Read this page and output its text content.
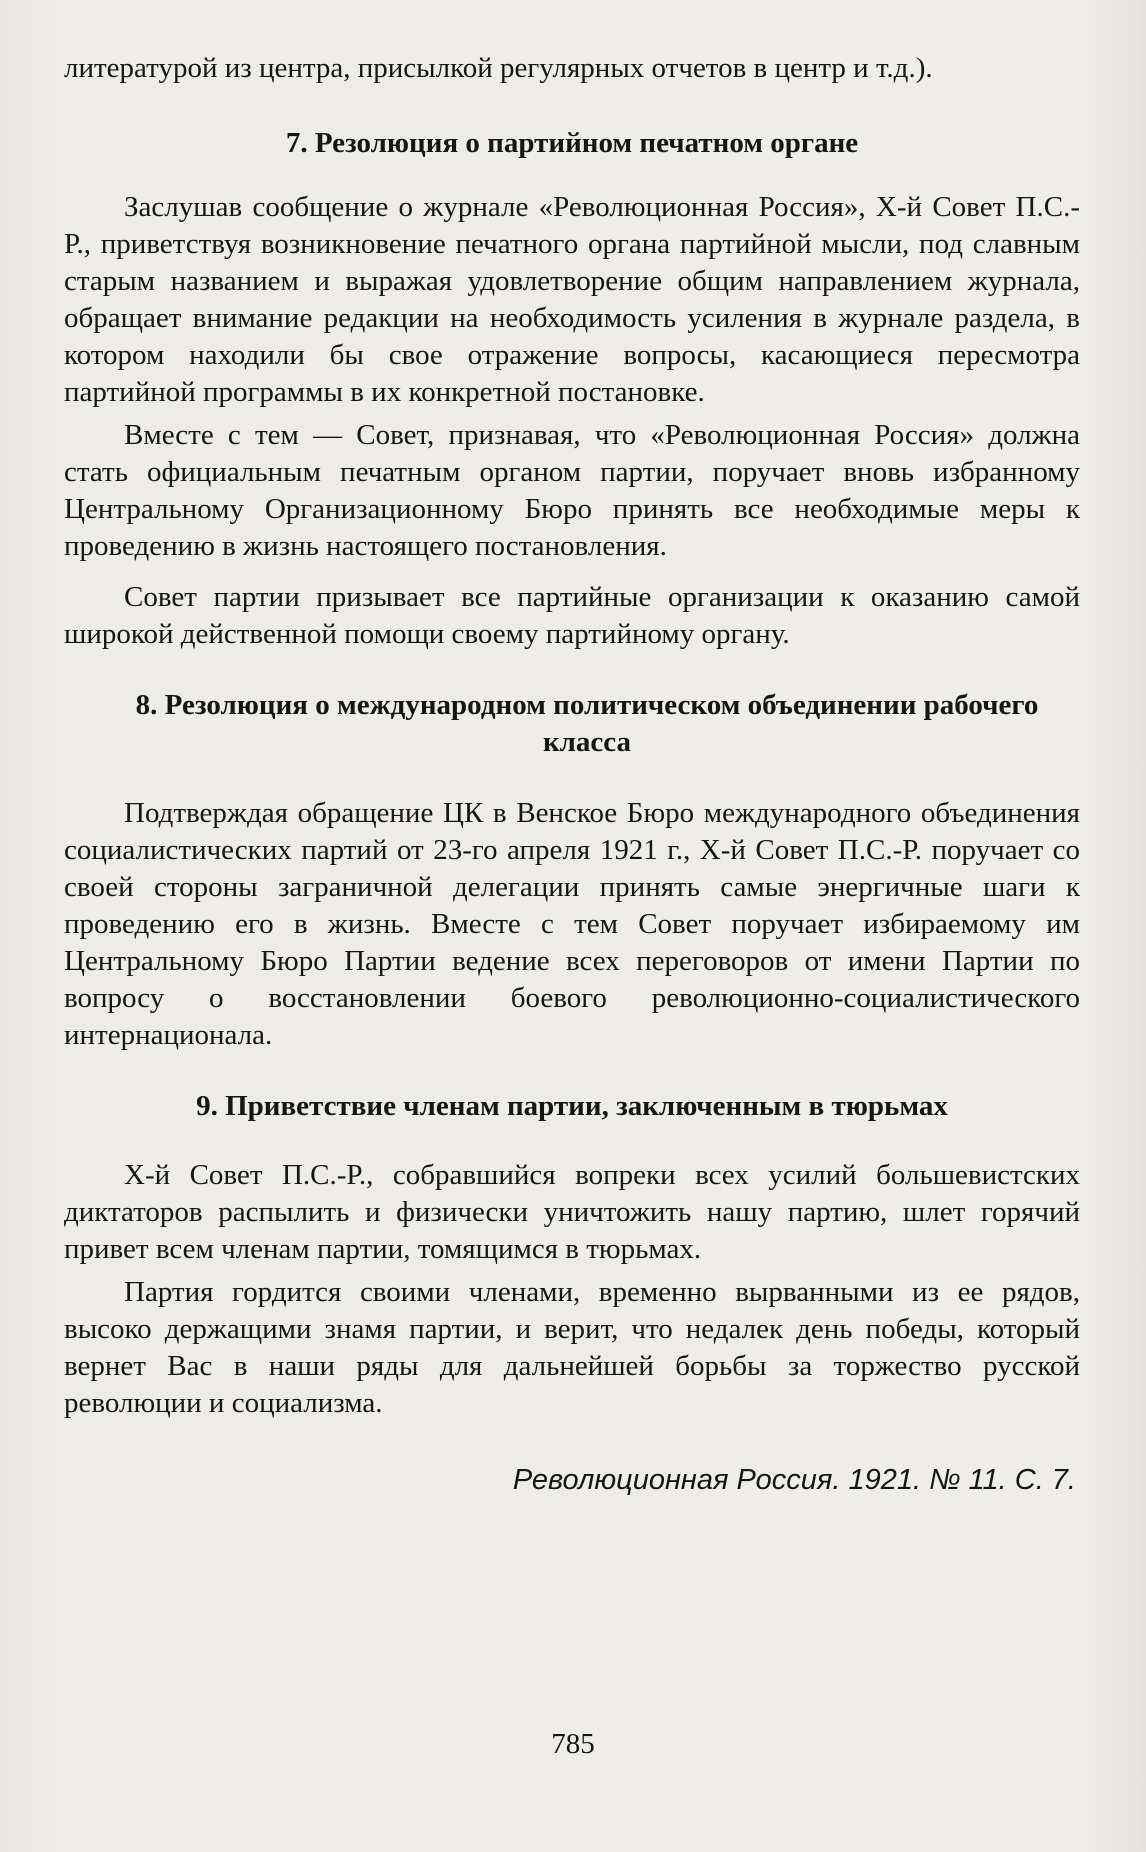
литературой из центра, присылкой регулярных отчетов в центр и т.д.).

7. Резолюция о партийном печатном органе

Заслушав сообщение о журнале «Революционная Россия», Х-й Совет П.С.-Р., приветствуя возникновение печатного органа партийной мысли, под славным старым названием и выражая удовлетворение общим направлением журнала, обращает внимание редакции на необходимость усиления в журнале раздела, в котором находили бы свое отражение вопросы, касающиеся пересмотра партийной программы в их конкретной постановке.

Вместе с тем — Совет, признавая, что «Революционная Россия» должна стать официальным печатным органом партии, поручает вновь избранному Центральному Организационному Бюро принять все необходимые меры к проведению в жизнь настоящего постановления.

Совет партии призывает все партийные организации к оказанию самой широкой действенной помощи своему партийному органу.

8. Резолюция о международном политическом объединении рабочего класса

Подтверждая обращение ЦК в Венское Бюро международного объединения социалистических партий от 23-го апреля 1921 г., Х-й Совет П.С.-Р. поручает со своей стороны заграничной делегации принять самые энергичные шаги к проведению его в жизнь. Вместе с тем Совет поручает избираемому им Центральному Бюро Партии ведение всех переговоров от имени Партии по вопросу о восстановлении боевого революционно-социалистического интернационала.

9. Приветствие членам партии, заключенным в тюрьмах

Х-й Совет П.С.-Р., собравшийся вопреки всех усилий большевистских диктаторов распылить и физически уничтожить нашу партию, шлет горячий привет всем членам партии, томящимся в тюрьмах.

Партия гордится своими членами, временно вырванными из ее рядов, высоко держащими знамя партии, и верит, что недалек день победы, который вернет Вас в наши ряды для дальнейшей борьбы за торжество русской революции и социализма.

Революционная Россия. 1921. № 11. С. 7.

785
